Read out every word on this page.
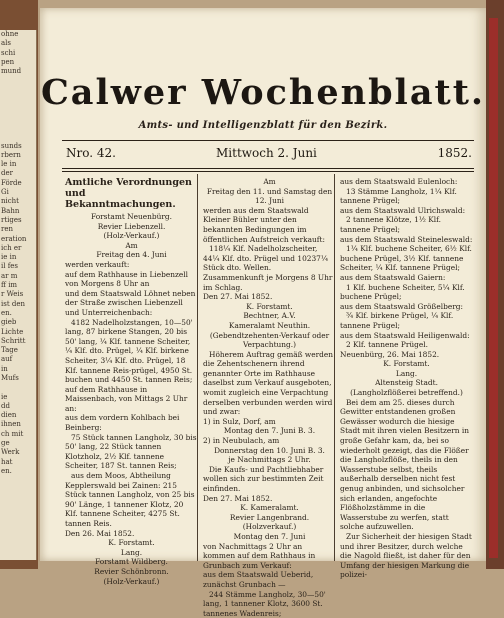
ohne
als
schi
pen
mund

sunds
rbern
le in
der
Förde
Gi
nicht
Bahn
rtiges
ren
eration
ich er
ie in
il fes
ar m
ff im
r Weis
ist den
en.
gieb
Lichte
Schritt
Tage
auf
in
Mufs

ie
dd
dien
ihnen
ch mit
ge
Werk
hat
en.
Calwer Wochenblatt.
Amts- und Intelligenzblatt für den Bezirk.
Nro. 42.	Mittwoch 2. Juni	1852.

Amtliche Verordnungen und Bekanntmachungen.

Forstamt Neuenbürg.

Revier Liebenzell.

(Holz-Verkauf.)

Am

Freitag den 4. Juni

werden verkauft:

auf dem Rathhause in Liebenzell von Morgens 8 Uhr an

und dem Staatswald Löhnet neben der Straße zwischen Liebenzell und Unterreichenbach:

4182 Nadelholzstangen, 10—50' lang, 87 birkene Stangen, 20 bis 50' lang, ¼ Klf. tannene Scheiter, ¼ Klf. dto. Prügel, ¼ Klf. birkene Scheiter, 3¼ Klf. dto. Prügel, 18 Klf. tannene Reis-prügel, 4950 St. buchen und 4450 St. tannen Reis;

auf dem Rathhause in Maissenbach, von Mittags 2 Uhr an:

aus dem vordern Kohlbach bei Beinberg:

75 Stück tannen Langholz, 30 bis 50' lang, 22 Stück tannen Klotzholz, 2½ Klf. tannene Scheiter, 187 St. tannen Reis;

aus dem Moos, Abtheilung Kepplerswald bei Zainen: 215 Stück tannen Langholz, von 25 bis 90' Länge, 1 tannener Klotz, 20 Klf. tannene Scheiter, 4275 St. tannen Reis.

Den 26. Mai 1852.

K. Forstamt.

Lang.

Forstamt Wildberg.

Revier Schönbronn.

(Holz-Verkauf.)

Am

Freitag den 11. und Samstag den 12. Juni

werden aus dem Staatswald Kleiner Bühler unter den bekannten Bedingungen im öffentlichen Aufstreich verkauft:

118¼ Klf. Nadelholzscheiter, 44¼ Klf. dto. Prügel und 10237¼ Stück dto. Wellen.

Zusammenkunft je Morgens 8 Uhr im Schlag.

Den 27. Mai 1852.

K. Forstamt.

Bechtner, A.V.

Kameralamt Neuthin.

(Gebendtzehenten-Verkauf oder Verpachtung.)

Höherem Auftrag gemäß werden die Zehentschenern ihrend genannter Orte im Rathhause daselbst zum Verkauf ausgeboten, womit zugleich eine Verpachtung derselben verbunden werden wird und zwar:

1) in Sulz, Dorf, am

Montag den 7. Juni B. 3.

2) in Neubulach, am

Donnerstag den 10. Juni B. 3.

je Nachmittags 2 Uhr.

Die Kaufs- und Pachtliebhaber wollen sich zur bestimmten Zeit einfinden.

Den 27. Mai 1852.

K. Kameralamt.

Revier Langenbrand.

(Holzverkauf.)

Montag den 7. Juni

von Nachmittags 2 Uhr an kommen auf dem Rathhaus in Grunbach zum Verkauf:

aus dem Staatswald Ueberid, zunächst Grunbach —

244 Stämme Langholz, 30—50' lang, 1 tannener Klotz, 3600 St. tannenes Wadenreis;

aus dem Staatswald Eulenloch:

13 Stämme Langholz, 1¼ Klf. tannene Prügel;

aus dem Staatswald Ulrichswald:

2 tannene Klötze, 1½ Klf. tannene Prügel;

aus dem Staatswald Steineleswald:

1¼ Klf. buchene Scheiter, 6½ Klf. buchene Prügel, 3½ Klf. tannene Scheiter, ¼ Klf. tannene Prügel;

aus dem Staatswald Gaiern:

1 Klf. buchene Scheiter, 5¼ Klf. buchene Prügel;

aus dem Staatswald Größelberg:

¾ Klf. birkene Prügel, ¼ Klf. tannene Prügel;

aus dem Staatswald Heiligenwald:

2 Klf. tannene Prügel.

Neuenbürg, 26. Mai 1852.

K. Forstamt.

Lang.

Altensteig Stadt.

(Langholzflößerei betreffend.)

Bei dem am 25. dieses durch Gewitter entstandenen großen Gewässer wodurch die hiesige Stadt mit ihren vielen Besitzern in große Gefahr kam, da, bei so wiederholt gezeigt, das die Flößer die Langholzflöße, theils in den Wasserstube selbst, theils außerhalb derselben nicht fest genug anbinden, und sichsolcher sich erlanden, angefochte Flößholzstämme in die Wasserstube zu werfen, statt solche aufzuwellen.

Zur Sicherheit der hiesigen Stadt und ihrer Besitzer, durch welche die Nagold fließt, ist daher für den Umfang der hiesigen Markung die polizei-
